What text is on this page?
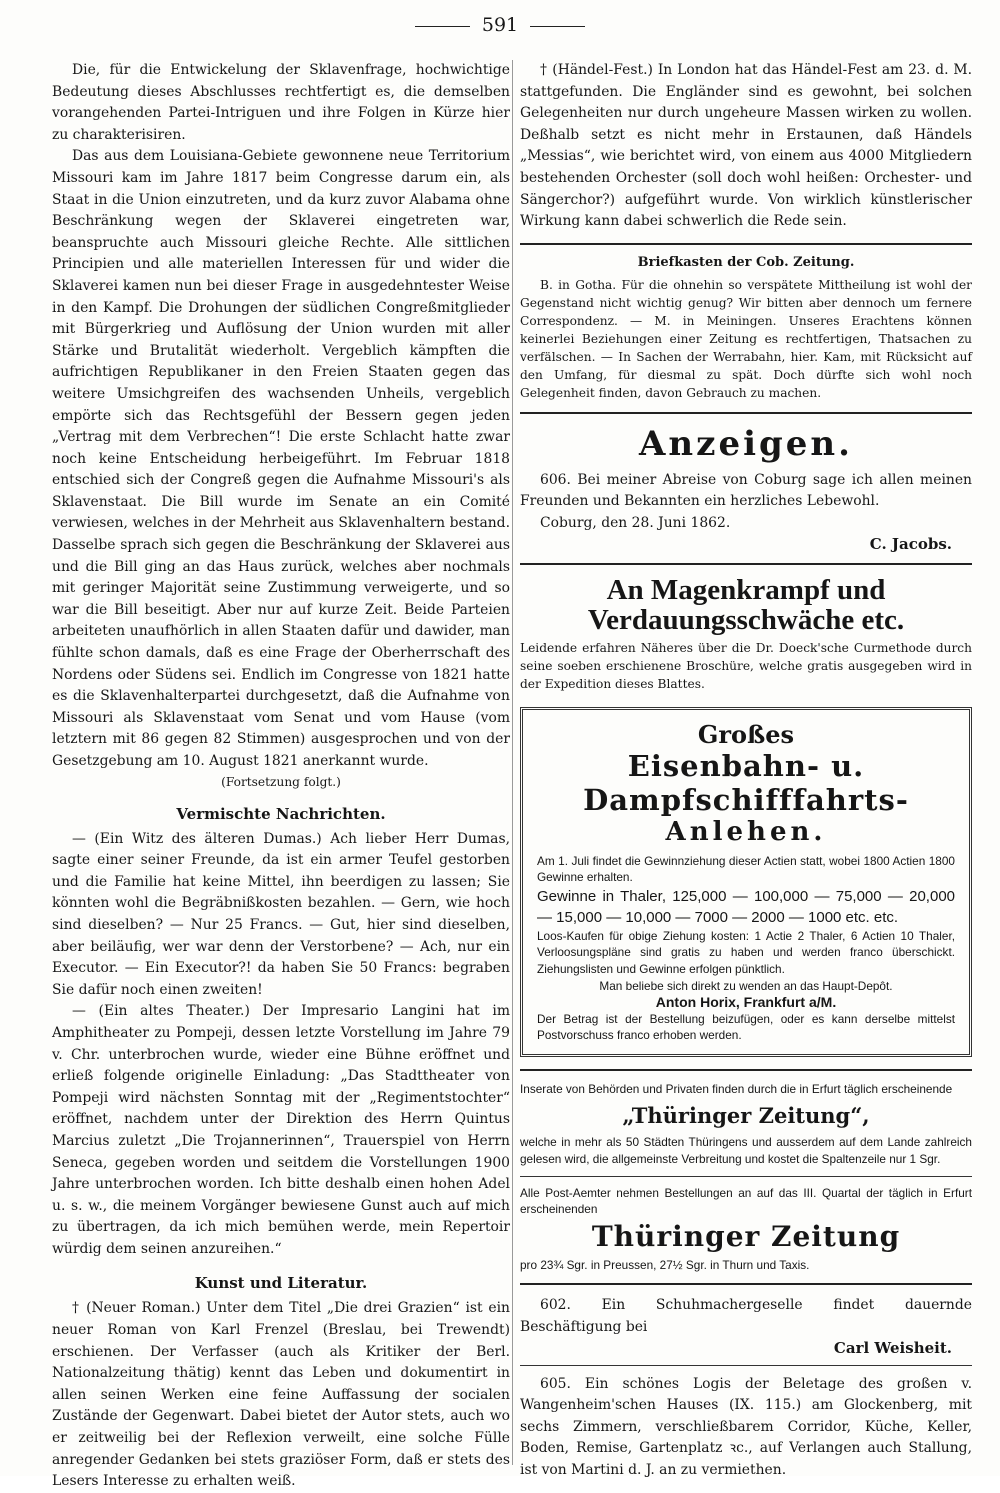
591

Die, für die Entwickelung der Sklavenfrage, hochwichtige Bedeutung dieses Abschlusses rechtfertigt es, die demselben vorangehenden Partei-Intriguen und ihre Folgen in Kürze hier zu charakterisiren.

Das aus dem Louisiana-Gebiete gewonnene neue Territorium Missouri kam im Jahre 1817 beim Congresse darum ein, als Staat in die Union einzutreten, und da kurz zuvor Alabama ohne Beschränkung wegen der Sklaverei eingetreten war, beanspruchte auch Missouri gleiche Rechte. Alle sittlichen Principien und alle materiellen Interessen für und wider die Sklaverei kamen nun bei dieser Frage in ausgedehntester Weise in den Kampf. Die Drohungen der südlichen Congreßmitglieder mit Bürgerkrieg und Auflösung der Union wurden mit aller Stärke und Brutalität wiederholt. Vergeblich kämpften die aufrichtigen Republikaner in den Freien Staaten gegen das weitere Umsichgreifen des wachsenden Unheils, vergeblich empörte sich das Rechtsgefühl der Bessern gegen jeden „Vertrag mit dem Verbrechen“! Die erste Schlacht hatte zwar noch keine Entscheidung herbeigeführt. Im Februar 1818 entschied sich der Congreß gegen die Aufnahme Missouri's als Sklavenstaat. Die Bill wurde im Senate an ein Comité verwiesen, welches in der Mehrheit aus Sklavenhaltern bestand. Dasselbe sprach sich gegen die Beschränkung der Sklaverei aus und die Bill ging an das Haus zurück, welches aber nochmals mit geringer Majorität seine Zustimmung verweigerte, und so war die Bill beseitigt. Aber nur auf kurze Zeit. Beide Parteien arbeiteten unaufhörlich in allen Staaten dafür und dawider, man fühlte schon damals, daß es eine Frage der Oberherrschaft des Nordens oder Südens sei. Endlich im Congresse von 1821 hatte es die Sklavenhalterpartei durchgesetzt, daß die Aufnahme von Missouri als Sklavenstaat vom Senat und vom Hause (vom letztern mit 86 gegen 82 Stimmen) ausgesprochen und von der Gesetzgebung am 10. August 1821 anerkannt wurde.

(Fortsetzung folgt.)

Vermischte Nachrichten.

— (Ein Witz des älteren Dumas.) Ach lieber Herr Dumas, sagte einer seiner Freunde, da ist ein armer Teufel gestorben und die Familie hat keine Mittel, ihn beerdigen zu lassen; Sie könnten wohl die Begräbnißkosten bezahlen. — Gern, wie hoch sind dieselben? — Nur 25 Francs. — Gut, hier sind dieselben, aber beiläufig, wer war denn der Verstorbene? — Ach, nur ein Executor. — Ein Executor?! da haben Sie 50 Francs: begraben Sie dafür noch einen zweiten!

— (Ein altes Theater.) Der Impresario Langini hat im Amphitheater zu Pompeji, dessen letzte Vorstellung im Jahre 79 v. Chr. unterbrochen wurde, wieder eine Bühne eröffnet und erließ folgende originelle Einladung: „Das Stadttheater von Pompeji wird nächsten Sonntag mit der „Regimentstochter“ eröffnet, nachdem unter der Direktion des Herrn Quintus Marcius zuletzt „Die Trojannerinnen“, Trauerspiel von Herrn Seneca, gegeben worden und seitdem die Vorstellungen 1900 Jahre unterbrochen worden. Ich bitte deshalb einen hohen Adel u. s. w., die meinem Vorgänger bewiesene Gunst auch auf mich zu übertragen, da ich mich bemühen werde, mein Repertoir würdig dem seinen anzureihen.“

Kunst und Literatur.

† (Neuer Roman.) Unter dem Titel „Die drei Grazien“ ist ein neuer Roman von Karl Frenzel (Breslau, bei Trewendt) erschienen. Der Verfasser (auch als Kritiker der Berl. Nationalzeitung thätig) kennt das Leben und dokumentirt in allen seinen Werken eine feine Auffassung der socialen Zustände der Gegenwart. Dabei bietet der Autor stets, auch wo er zeitweilig bei der Reflexion verweilt, eine solche Fülle anregender Gedanken bei stets graziöser Form, daß er stets des Lesers Interesse zu erhalten weiß.

† (Händel-Fest.) In London hat das Händel-Fest am 23. d. M. stattgefunden. Die Engländer sind es gewohnt, bei solchen Gelegenheiten nur durch ungeheure Massen wirken zu wollen. Deßhalb setzt es nicht mehr in Erstaunen, daß Händels „Messias“, wie berichtet wird, von einem aus 4000 Mitgliedern bestehenden Orchester (soll doch wohl heißen: Orchester- und Sängerchor?) aufgeführt wurde. Von wirklich künstlerischer Wirkung kann dabei schwerlich die Rede sein.

Briefkasten der Cob. Zeitung.

B. in Gotha. Für die ohnehin so verspätete Mittheilung ist wohl der Gegenstand nicht wichtig genug? Wir bitten aber dennoch um fernere Correspondenz. — M. in Meiningen. Unseres Erachtens können keinerlei Beziehungen einer Zeitung es rechtfertigen, Thatsachen zu verfälschen. — In Sachen der Werrabahn, hier. Kam, mit Rücksicht auf den Umfang, für diesmal zu spät. Doch dürfte sich wohl noch Gelegenheit finden, davon Gebrauch zu machen.

Anzeigen.

606. Bei meiner Abreise von Coburg sage ich allen meinen Freunden und Bekannten ein herzliches Lebewohl.

Coburg, den 28. Juni 1862.

C. Jacobs.
An Magenkrampf und Verdauungsschwäche etc.

Leidende erfahren Näheres über die Dr. Doeck'sche Curmethode durch seine soeben erschienene Broschüre, welche gratis ausgegeben wird in der Expedition dieses Blattes.

Großes
Eisenbahn- u. Dampfschifffahrts-
Anlehen.

Am 1. Juli findet die Gewinnziehung dieser Actien statt, wobei 1800 Actien 1800 Gewinne erhalten.

Gewinne in Thaler, 125,000 — 100,000 — 75,000 — 20,000 — 15,000 — 10,000 — 7000 — 2000 — 1000 etc. etc.

Loos-Kaufen für obige Ziehung kosten: 1 Actie 2 Thaler, 6 Actien 10 Thaler, Verloosungspläne sind gratis zu haben und werden franco überschickt. Ziehungslisten und Gewinne erfolgen pünktlich.

Man beliebe sich direkt zu wenden an das Haupt-Depôt.

Anton Horix, Frankfurt a/M.

Der Betrag ist der Bestellung beizufügen, oder es kann derselbe mittelst Postvorschuss franco erhoben werden.

Inserate von Behörden und Privaten finden durch die in Erfurt täglich erscheinende

„Thüringer Zeitung“,

welche in mehr als 50 Städten Thüringens und ausserdem auf dem Lande zahlreich gelesen wird, die allgemeinste Verbreitung und kostet die Spaltenzeile nur 1 Sgr.

Alle Post-Aemter nehmen Bestellungen an auf das III. Quartal der täglich in Erfurt erscheinenden

Thüringer Zeitung

pro 23¾ Sgr. in Preussen, 27½ Sgr. in Thurn und Taxis.

602. Ein Schuhmachergeselle findet dauernde Beschäftigung bei

Carl Weisheit.

605. Ein schönes Logis der Beletage des großen v. Wangenheim'schen Hauses (IX. 115.) am Glockenberg, mit sechs Zimmern, verschließbarem Corridor, Küche, Keller, Boden, Remise, Gartenplatz ꝛc., auf Verlangen auch Stallung, ist von Martini d. J. an zu vermiethen.
